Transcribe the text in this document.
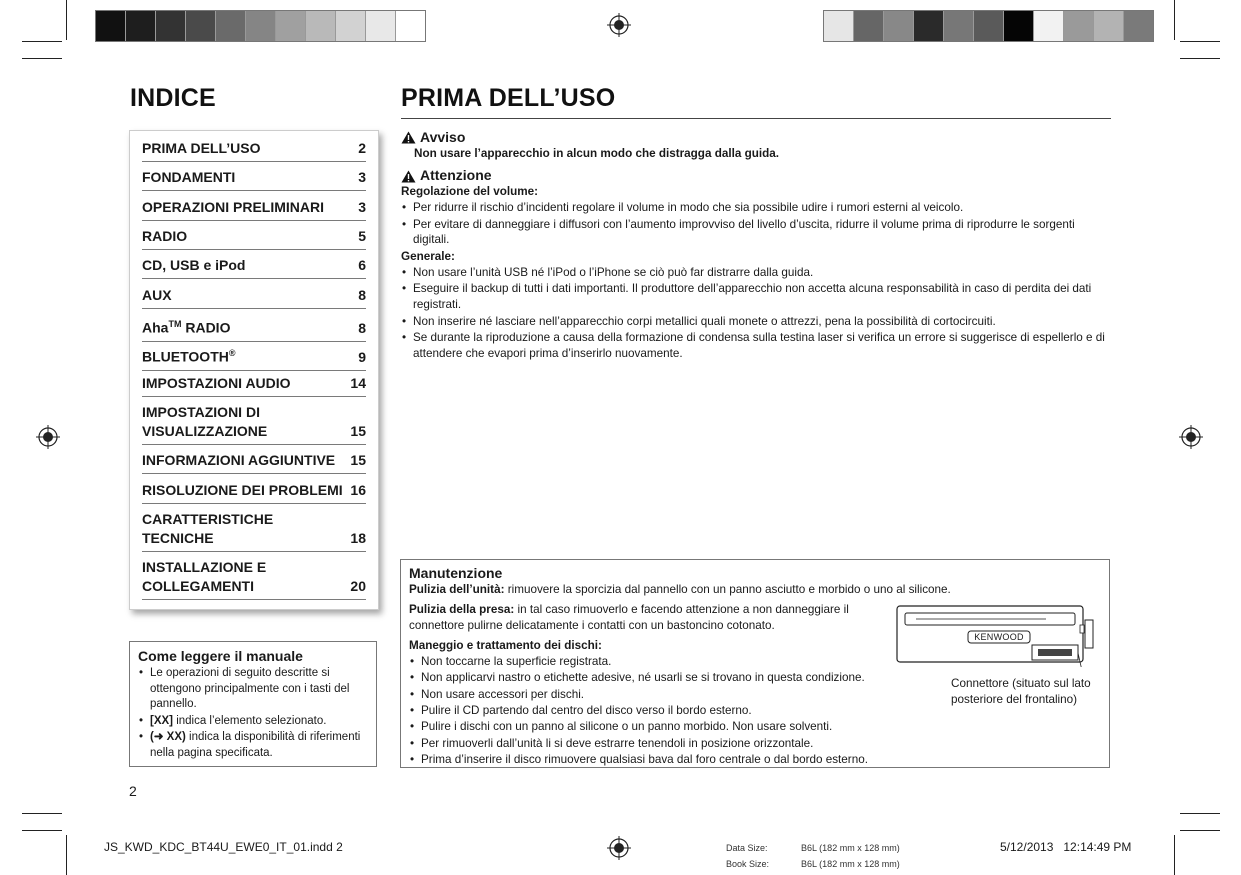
INDICE	PRIMA DELL’USO
PRIMA DELL’USO	2
FONDAMENTI	3
OPERAZIONI PRELIMINARI 3
RADIO	5
CD, USB e iPod	6
AUX	8
Aha™ RADIO	8
BLUETOOTH®	9
IMPOSTAZIONI AUDIO	14
IMPOSTAZIONI DI
VISUALIZZAZIONE	15
INFORMAZIONI AGGIUNTIVE 15
RISOLUZIONE DEI PROBLEMI 16
CARATTERISTICHE
TECNICHE	18
INSTALLAZIONE E
COLLEGAMENTI	20
Come leggere il manuale
• Le operazioni di seguito descritte si ottengono principalmente con i tasti del pannello.
• [XX] indica l’elemento selezionato.
• (➜ XX) indica la disponibilità di riferimenti nella pagina specificata.
2
Avviso
Non usare l’apparecchio in alcun modo che distragga dalla guida.
Attenzione
Regolazione del volume:
• Per ridurre il rischio d’incidenti regolare il volume in modo che sia possibile udire i rumori esterni al veicolo.
• Per evitare di danneggiare i diffusori con l’aumento improvviso del livello d’uscita, ridurre il volume prima di riprodurre le sorgenti digitali.
Generale:
• Non usare l’unità USB né l’iPod o l’iPhone se ciò può far distrarre dalla guida.
• Eseguire il backup di tutti i dati importanti. Il produttore dell’apparecchio non accetta alcuna responsabilità in caso di perdita dei dati registrati.
• Non inserire né lasciare nell’apparecchio corpi metallici quali monete o attrezzi, pena la possibilità di cortocircuiti.
• Se durante la riproduzione a causa della formazione di condensa sulla testina laser si verifica un errore si suggerisce di espellerlo e di attendere che evapori prima d’inserirlo nuovamente.
Manutenzione
Pulizia dell’unità: rimuovere la sporcizia dal pannello con un panno asciutto e morbido o uno al silicone.
Pulizia della presa: in tal caso rimuoverlo e facendo attenzione a non danneggiare il connettore pulirne delicatamente i contatti con un bastoncino cotonato.
Maneggio e trattamento dei dischi:
• Non toccarne la superficie registrata.
• Non applicarvi nastro o etichette adesive, né usarli se si trovano in questa condizione.
• Non usare accessori per dischi.
• Pulire il CD partendo dal centro del disco verso il bordo esterno.
• Pulire i dischi con un panno al silicone o un panno morbido. Non usare solventi.
• Per rimuoverli dall’unità li si deve estrarre tenendoli in posizione orizzontale.
• Prima d’inserire il disco rimuovere qualsiasi bava dal foro centrale o dal bordo esterno.
KENWOOD
Connettore (situato sul lato
posteriore del frontalino)
JS_KWD_KDC_BT44U_EWE0_IT_01.indd 2	Data Size:	B6L (182 mm x 128 mm)
Book Size:	B6L (182 mm x 128 mm)
5/12/2013   12:14:49 PM
